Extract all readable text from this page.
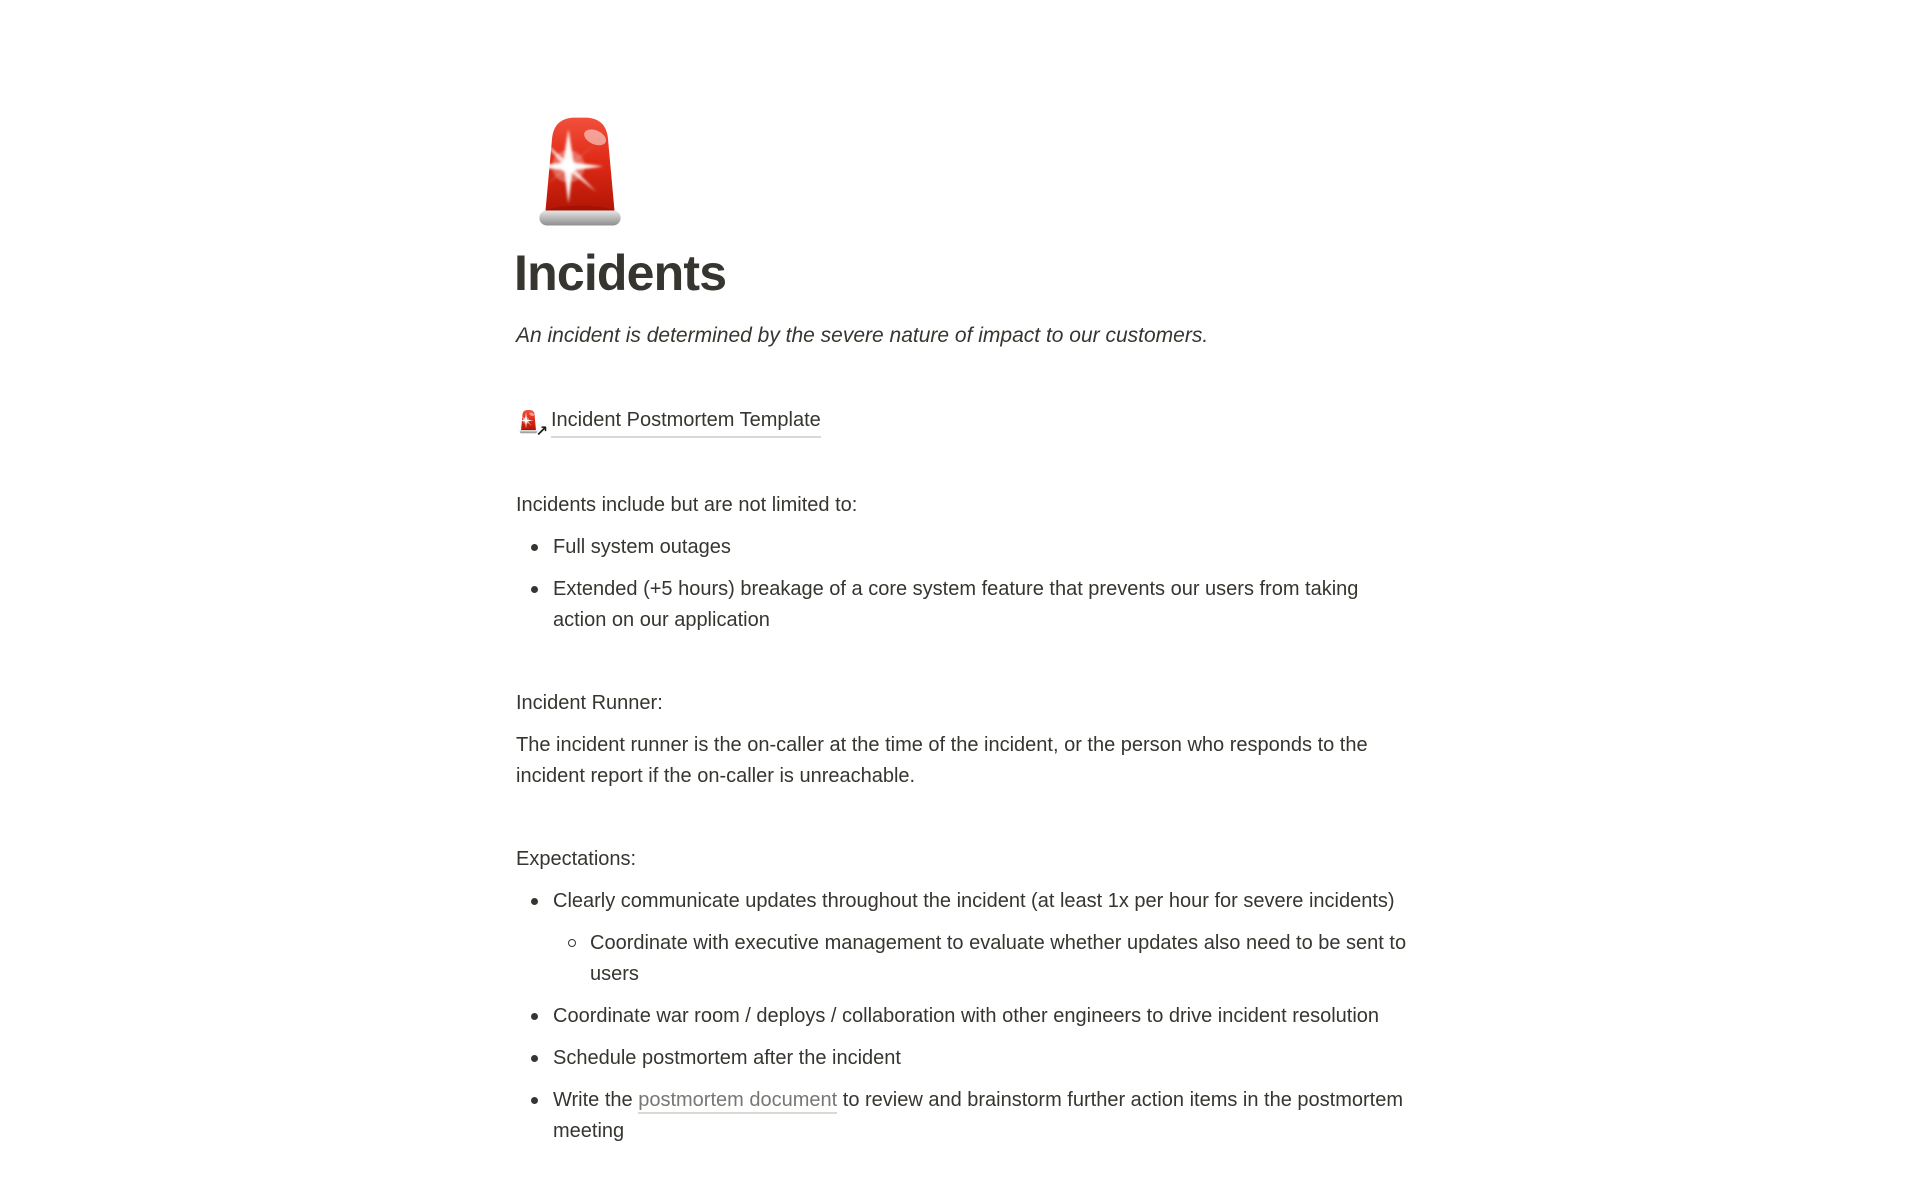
Incidents

An incident is determined by the severe nature of impact to our customers.

↗
Incident Postmortem Template

Incidents include but are not limited to:

Full system outages

Extended (+5 hours) breakage of a core system feature that prevents our users from taking action on our application

Incident Runner:

The incident runner is the on-caller at the time of the incident, or the person who responds to the incident report if the on-caller is unreachable.

Expectations:

Clearly communicate updates throughout the incident (at least 1x per hour for severe incidents)

Coordinate with executive management to evaluate whether updates also need to be sent to users

Coordinate war room / deploys / collaboration with other engineers to drive incident resolution

Schedule postmortem after the incident

Write the postmortem document to review and brainstorm further action items in the postmortem meeting
